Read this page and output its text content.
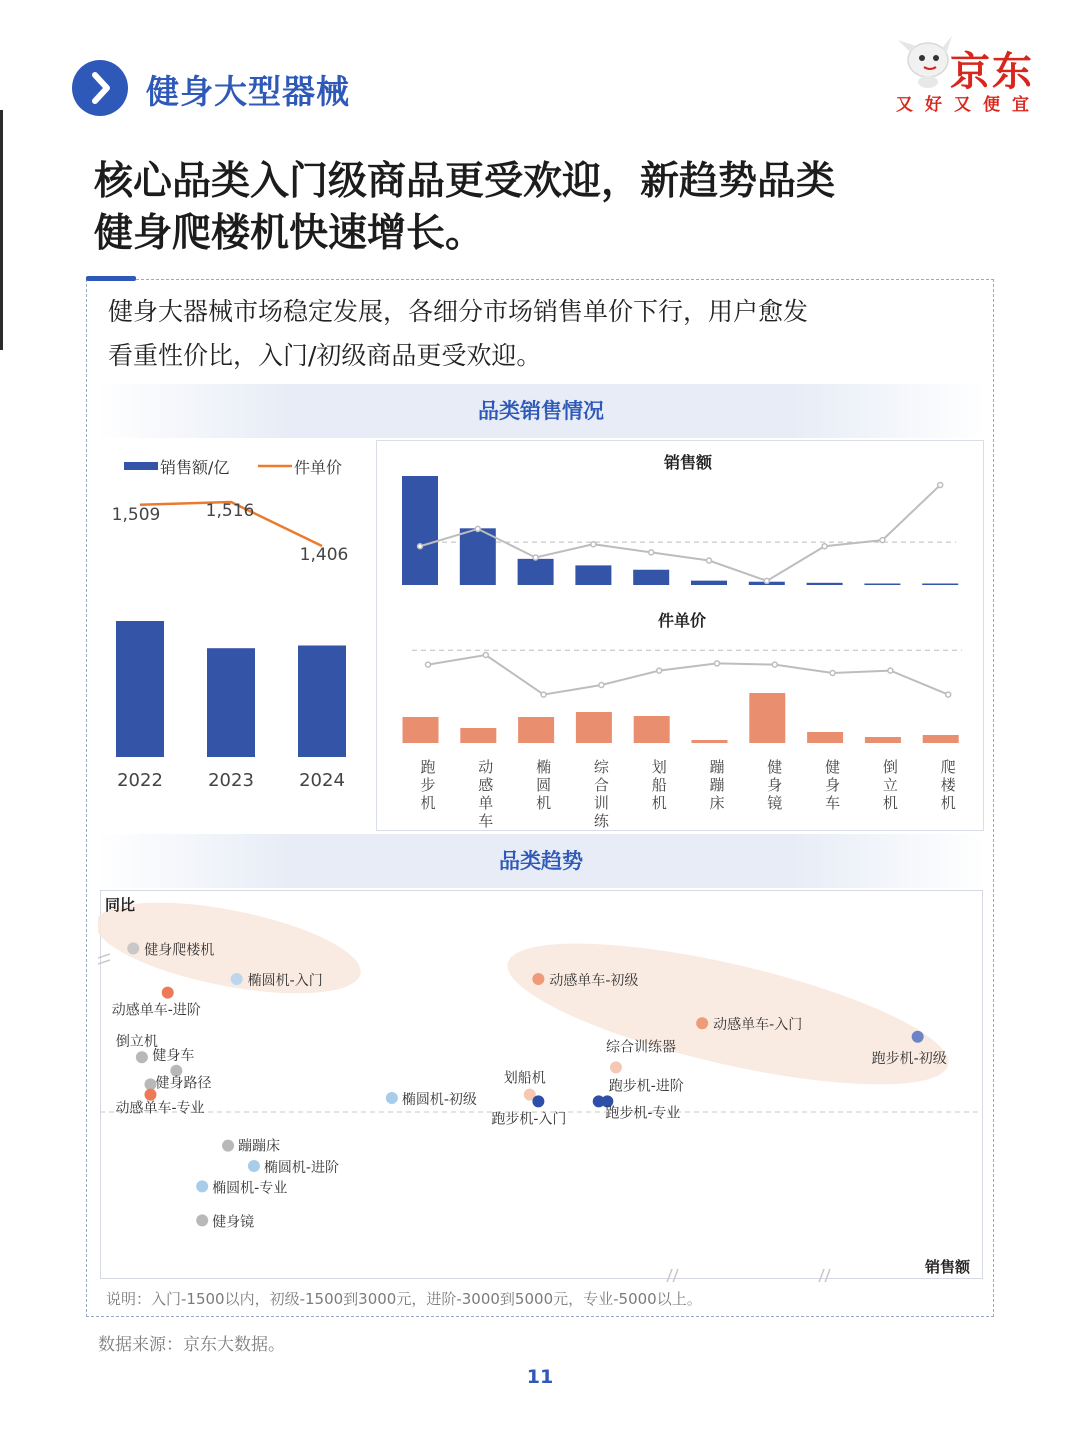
健身大型器械	京东
又好又便宜
核心品类入门级商品更受欢迎，新趋势品类
健身爬楼机快速增长。
健身大器械市场稳定发展，各细分市场销售单价下行，用户愈发
看重性价比，入门/初级商品更受欢迎。
品类销售情况
销售额/亿	件单价
2022	2023	2024
1,509	1,516
1,406
销售额
件单价
跑
步
机
动
感
单
车
椭
圆
机
综
合
训
练
划
船
机
蹦
蹦
床
健
身
镜
健
身
车
倒
立
机
爬
楼
机
品类趋势
同比
销售额
健身爬楼机
椭圆机-入门
动感单车-进阶
动感单车-初级
动感单车-入门
跑步机-初级
倒立机
健身车
综合训练器
健身路径
动感单车-专业
划船机
椭圆机-初级
跑步机-入门
跑步机-进阶
跑步机-专业
蹦蹦床
椭圆机-进阶
椭圆机-专业
健身镜
说明：入门-1500以内，初级-1500到3000元，进阶-3000到5000元，专业-5000以上。
数据来源：京东大数据。
11
